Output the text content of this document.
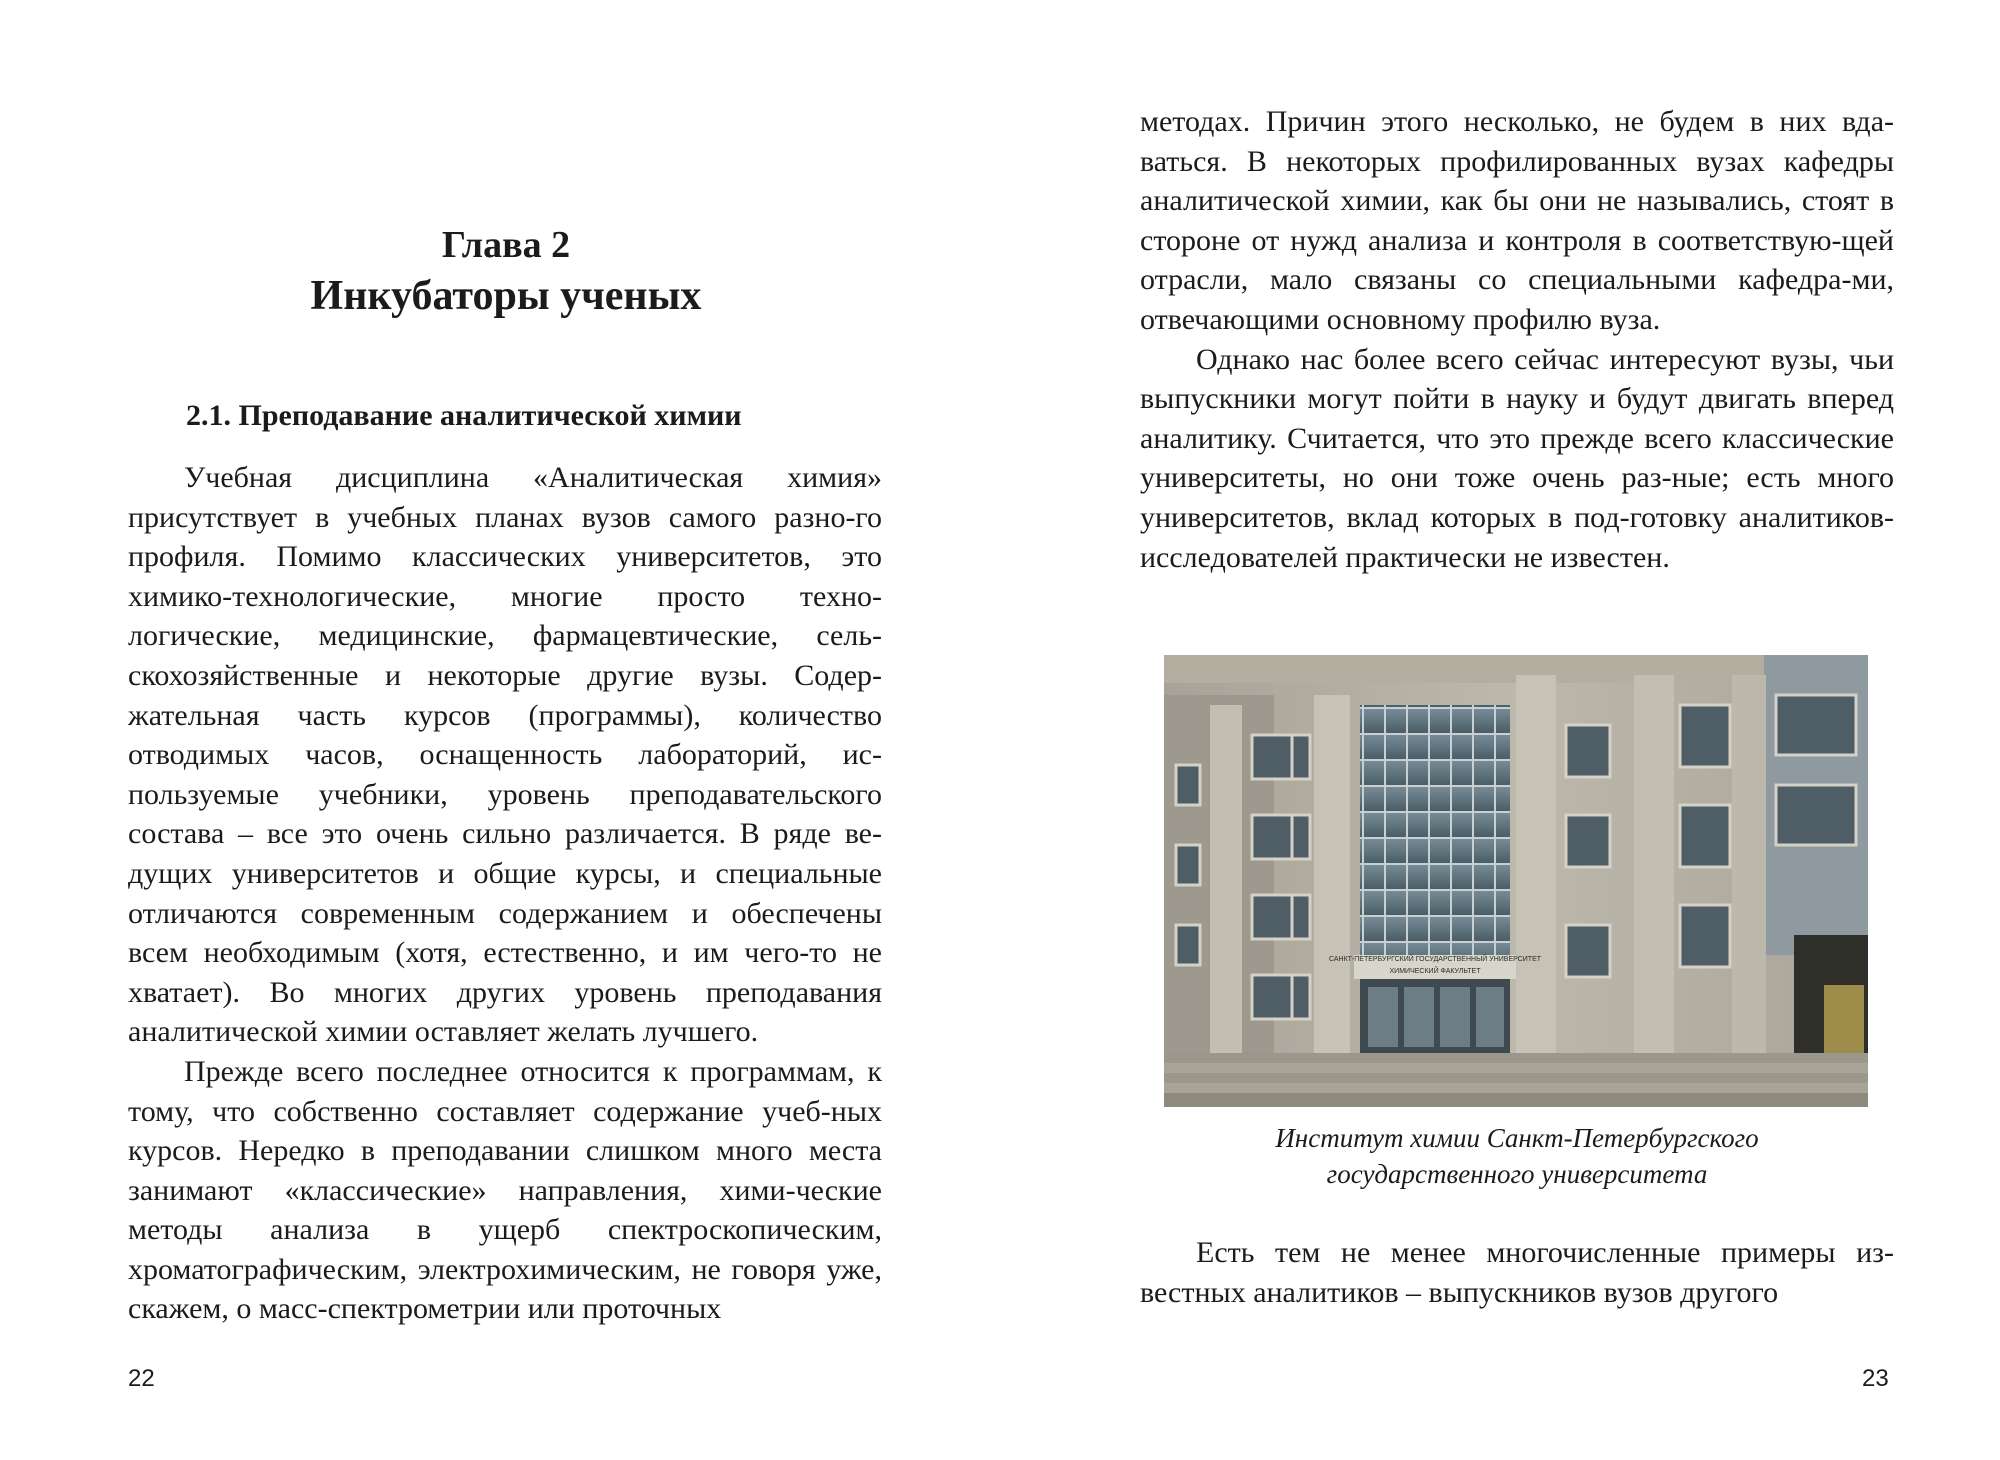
Глава 2
Инкубаторы ученых
2.1. Преподавание аналитической химии

Учебная дисциплина «Аналитическая химия» присутствует в учебных планах вузов самого разно-го профиля. Помимо классических университетов, это химико-технологические, многие просто техно-логические, медицинские, фармацевтические, сель-скохозяйственные и некоторые другие вузы. Содер-жательная часть курсов (программы), количество отводимых часов, оснащенность лабораторий, ис-пользуемые учебники, уровень преподавательского состава – все это очень сильно различается. В ряде ве-дущих университетов и общие курсы, и специальные отличаются современным содержанием и обеспечены всем необходимым (хотя, естественно, и им чего-то не хватает). Во многих других уровень преподавания аналитической химии оставляет желать лучшего.

Прежде всего последнее относится к программам, к тому, что собственно составляет содержание учеб-ных курсов. Нередко в преподавании слишком много места занимают «классические» направления, хими-ческие методы анализа в ущерб спектроскопическим, хроматографическим, электрохимическим, не говоря уже, скажем, о масс-спектрометрии или проточных

22

методах. Причин этого несколько, не будем в них вда-ваться. В некоторых профилированных вузах кафедры аналитической химии, как бы они не назывались, стоят в стороне от нужд анализа и контроля в соответствую-щей отрасли, мало связаны со специальными кафедра-ми, отвечающими основному профилю вуза.

Однако нас более всего сейчас интересуют вузы, чьи выпускники могут пойти в науку и будут двигать вперед аналитику. Считается, что это прежде всего классические университеты, но они тоже очень раз-ные; есть много университетов, вклад которых в под-готовку аналитиков-исследователей практически не известен.

САНКТ-ПЕТЕРБУРГСКИЙ ГОСУДАРСТВЕННЫЙ УНИВЕРСИТЕТ
ХИМИЧЕСКИЙ ФАКУЛЬТЕТ
Институт химии Санкт-Петербургского
государственного университета

Есть тем не менее многочисленные примеры из-вестных аналитиков – выпускников вузов другого

23
